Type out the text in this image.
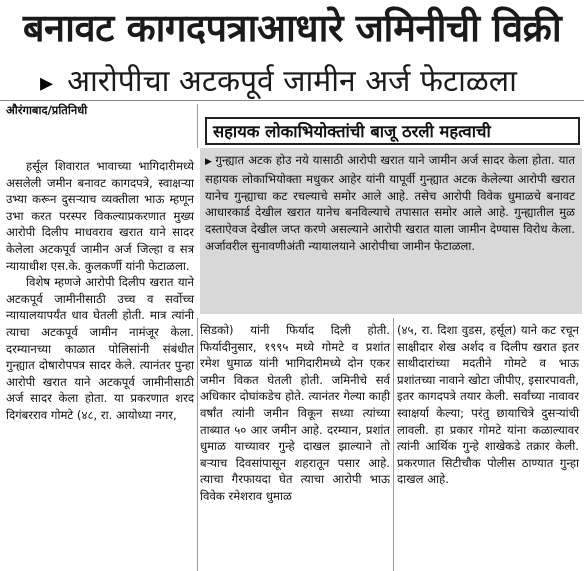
बनावट कागदपत्राआधारे जमिनीची विक्री
▸ आरोपीचा अटकपूर्व जामीन अर्ज फेटाळला
औरंगाबाद/प्रतिनिधी
सहायक लोकाभियोक्तांची बाजू ठरली महत्वाची
▶ गुन्ह्यात अटक होउ नये यासाठी आरोपी खरात याने जामीन अर्ज सादर केला होता. यात सहायक लोकाभियोक्ता मधुकर आहेर यांनी यापूर्वी गुन्ह्यात अटक केलेल्या आरोपी खरात यानेच गुन्ह्याचा कट रचल्याचे समोर आले आहे. तसेच आरोपी विवेक धुमाळचे बनावट आधारकार्ड देखील खरात यानेच बनविल्याचे तपासात समोर आले आहे. गुन्ह्यातील मुळ दस्ताऐवज देखील जप्त करणे असल्याने आरोपी खरात याला जामीन देण्यास विरोध केला. अर्जावरील सुनावणीअंती न्यायालयाने आरोपीचा जामीन फेटाळला.

हर्सूल शिवारात भावाच्या भागिदारीमध्ये असलेली जमीन बनावट कागदपत्रे, स्वाक्षऱ्या उभ्या करून दुसऱ्याच व्यक्तीला भाऊ म्हणून उभा करत परस्पर विकल्याप्रकरणात मुख्य आरोपी दिलीप माधवराव खरात याने सादर केलेला अटकपूर्व जामीन अर्ज जिल्हा व सत्र न्यायाधीश एस.के. कुलकर्णी यांनी फेटाळला.

विशेष म्हणजे आरोपी दिलीप खरात याने अटकपूर्व जामीनीसाठी उच्च व सर्वोच्च न्यायालयापर्यंत धाव घेतली होती. मात्र त्यांनी त्याचा अटकपूर्व जामीन नामंजूर केला. दरम्यानच्या काळात पोलिसांनी संबंधीत गुन्ह्यात दोषारोपपत्र सादर केले. त्यानंतर पुन्हा आरोपी खरात याने अटकपूर्व जामीनीसाठी अर्ज सादर केला होता. या प्रकरणात शरद दिगंबरराव गोमटे (४८, रा. आयोध्या नगर,

सिडको) यांनी फिर्याद दिली होती. फिर्यादीनुसार, १९९५ मध्ये गोमटे व प्रशांत रमेश धुमाळ यांनी भागिदारीमध्ये दोन एकर जमीन विकत घेतली होती. जमिनीचे सर्व अधिकार दोघांकडेच होते. त्यानंतर गेल्या काही वर्षांत त्यांनी जमीन विकून सध्या त्यांच्या ताब्यात ५० आर जमीन आहे. दरम्यान, प्रशांत धुमाळ याच्यावर गुन्हे दाखल झाल्याने तो बऱ्याच दिवसांपासून शहरातून पसार आहे. त्याचा गैरफायदा घेत त्याचा आरोपी भाऊ विवेक रमेशराव धुमाळ

(४५, रा. दिशा वुडस, हर्सूल) याने कट रचून साक्षीदार शेख अर्शद व दिलीप खरात इतर साथीदारांच्या मदतीने गोमटे व भाऊ प्रशांतच्या नावाने खोटा जीपीए, इसारपावती, इतर कागदपत्रे तयार केली. सर्वांच्या नावावर स्वाक्षर्या केल्या; परंतु छायाचित्रे दुसऱ्यांची लावली. हा प्रकार गोमटे यांना कळाल्यावर त्यांनी आर्थिक गुन्हे शाखेकडे तक्रार केली. प्रकरणात सिटीचौक पोलीस ठाण्यात गुन्हा दाखल आहे.
